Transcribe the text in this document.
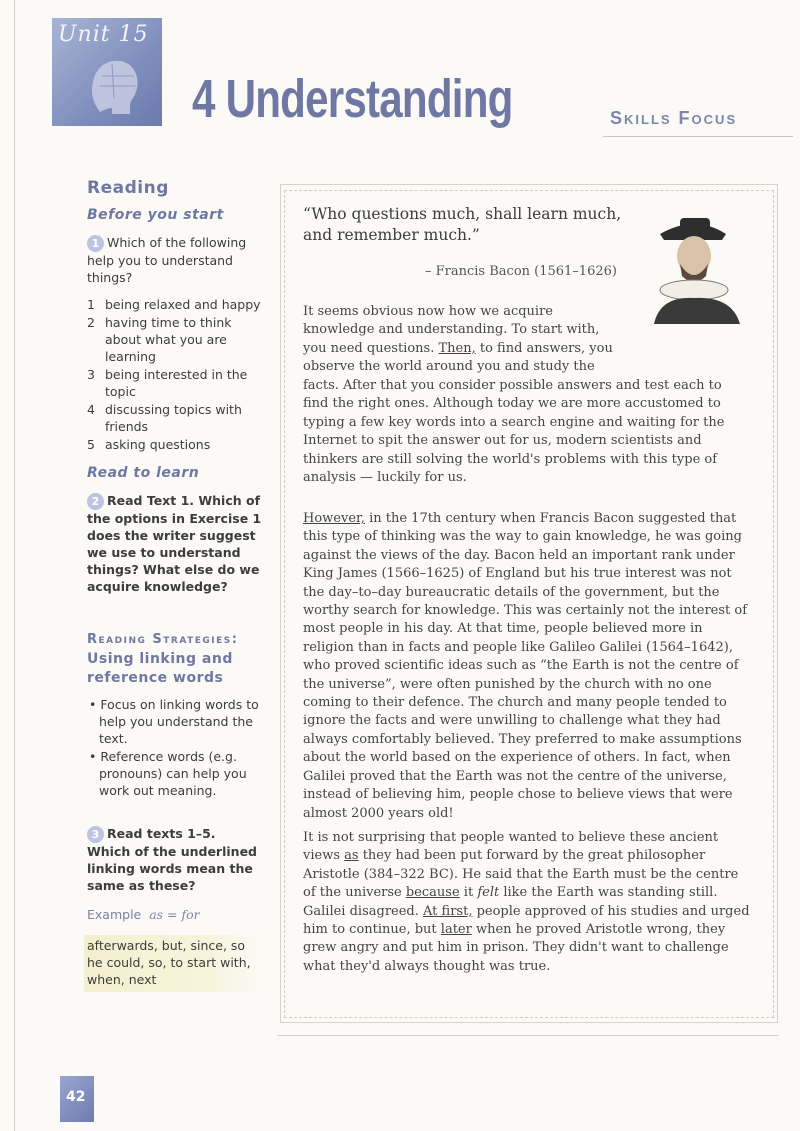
Unit 15
4 Understanding	Skills Focus
Reading
Before you start
1 Which of the following help you to understand things?
1 being relaxed and happy
2 having time to think about what you are learning
3 being interested in the topic
4 discussing topics with friends
5 asking questions
Read to learn
2 Read Text 1. Which of the options in Exercise 1 does the writer suggest we use to understand things? What else do we acquire knowledge?
Reading Strategies:
Using linking and reference words
• Focus on linking words to help you understand the text.
• Reference words (e.g. pronouns) can help you work out meaning.
3 Read texts 1–5. Which of the underlined linking words mean the same as these?
Example as = for
afterwards, but, since, so he could, so, to start with, when, next
“Who questions much, shall learn much, and remember much.”
– Francis Bacon (1561–1626)
It seems obvious now how we acquire
knowledge and understanding. To start with,
you need questions. Then, to find answers, you
observe the world around you and study the
facts. After that you consider possible answers and test each to find the right ones. Although today we are more accustomed to typing a few key words into a search engine and waiting for the Internet to spit the answer out for us, modern scientists and thinkers are still solving the world's problems with this type of analysis — luckily for us.
However, in the 17th century when Francis Bacon suggested that this type of thinking was the way to gain knowledge, he was going against the views of the day. Bacon held an important rank under King James (1566–1625) of England but his true interest was not the day–to–day bureaucratic details of the government, but the worthy search for knowledge. This was certainly not the interest of most people in his day. At that time, people believed more in religion than in facts and people like Galileo Galilei (1564–1642), who proved scientific ideas such as “the Earth is not the centre of the universe”, were often punished by the church with no one coming to their defence. The church and many people tended to ignore the facts and were unwilling to challenge what they had always comfortably believed. They preferred to make assumptions about the world based on the experience of others. In fact, when Galilei proved that the Earth was not the centre of the universe, instead of believing him, people chose to believe views that were almost 2000 years old!
It is not surprising that people wanted to believe these ancient views as they had been put forward by the great philosopher Aristotle (384–322 BC). He said that the Earth must be the centre of the universe because it felt like the Earth was standing still. Galilei disagreed. At first, people approved of his studies and urged him to continue, but later when he proved Aristotle wrong, they grew angry and put him in prison. They didn't want to challenge what they'd always thought was true.
42
